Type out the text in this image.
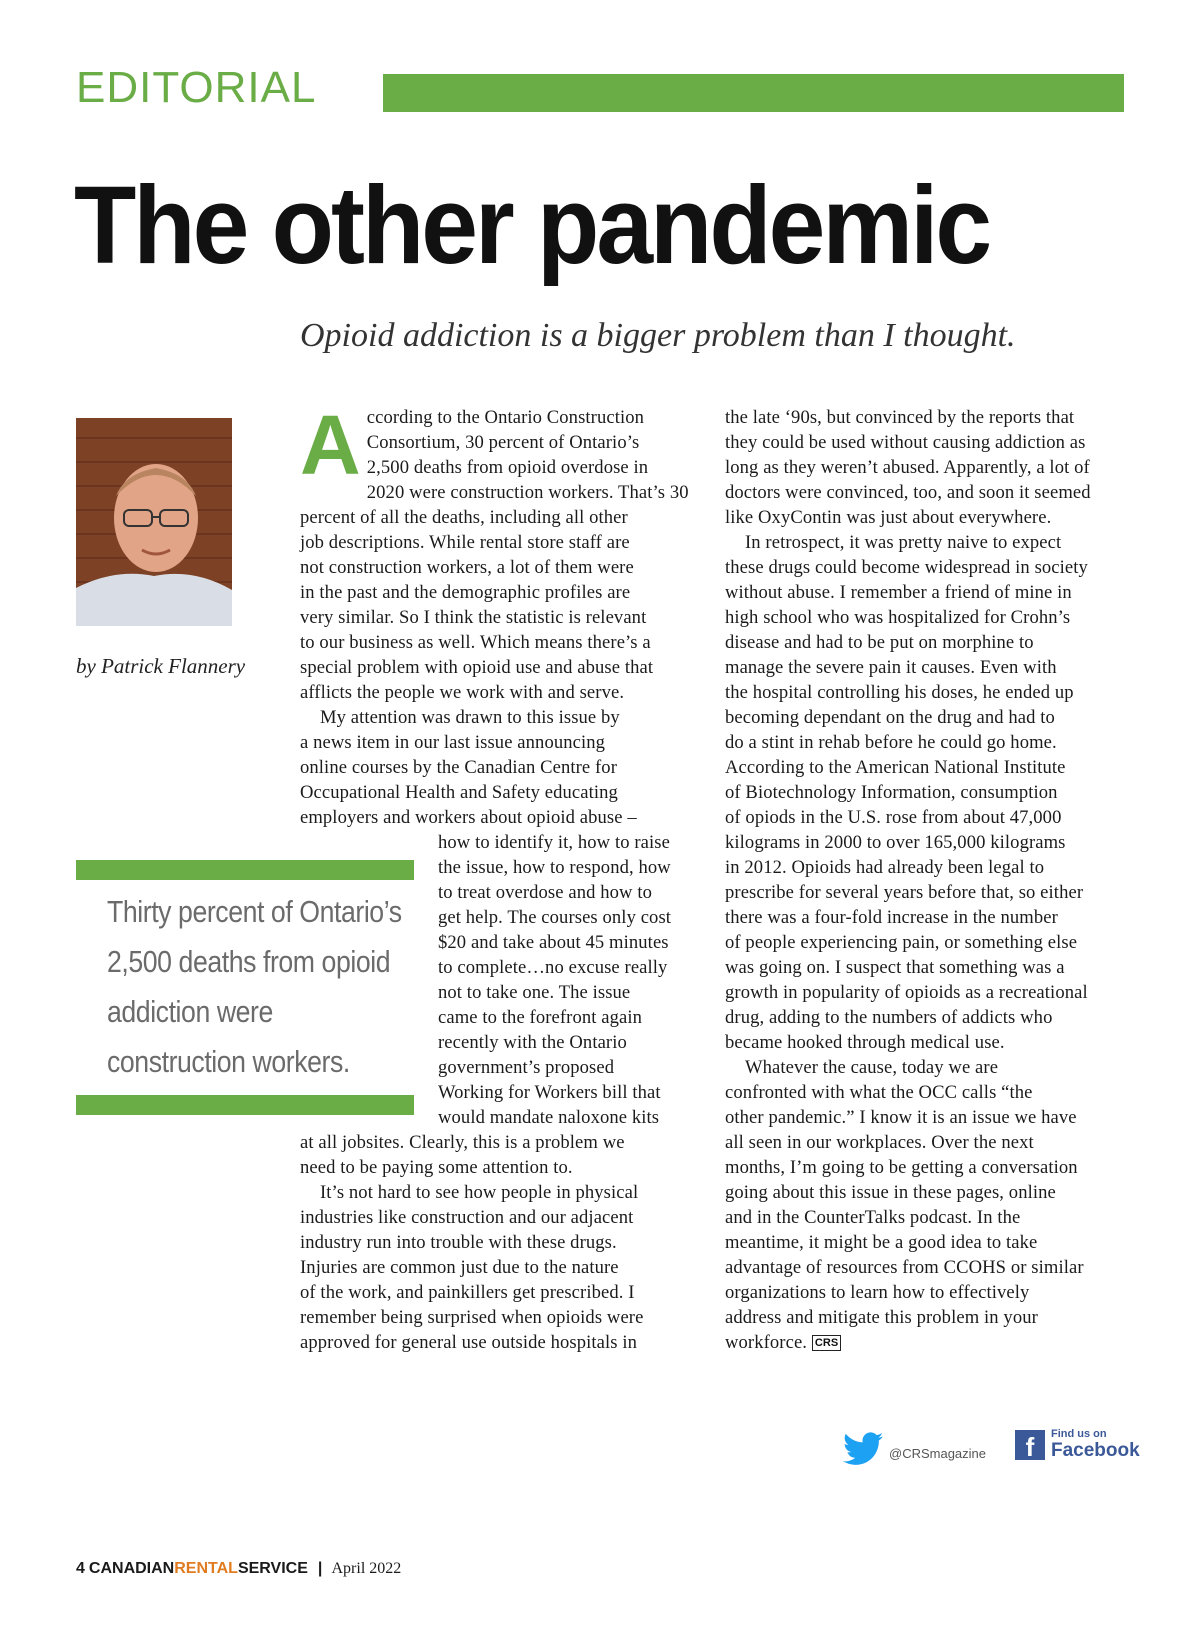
EDITORIAL
The other pandemic
Opioid addiction is a bigger problem than I thought.
by Patrick Flannery
Thirty percent of Ontario’s
2,500 deaths from opioid
addiction were
construction workers.

A ccording to the Ontario Construction
Consortium, 30 percent of Ontario’s
2,500 deaths from opioid overdose in
2020 were construction workers. That’s 30
percent of all the deaths, including all other
job descriptions. While rental store staff are
not construction workers, a lot of them were
in the past and the demographic profiles are
very similar. So I think the statistic is relevant
to our business as well. Which means there’s a
special problem with opioid use and abuse that
afflicts the people we work with and serve.

My attention was drawn to this issue by
a news item in our last issue announcing
online courses by the Canadian Centre for
Occupational Health and Safety educating
employers and workers about opioid abuse –
how to identify it, how to raise
the issue, how to respond, how
to treat overdose and how to
get help. The courses only cost
$20 and take about 45 minutes
to complete…no excuse really
not to take one. The issue
came to the forefront again
recently with the Ontario
government’s proposed
Working for Workers bill that
would mandate naloxone kits
at all jobsites. Clearly, this is a problem we
need to be paying some attention to.

It’s not hard to see how people in physical
industries like construction and our adjacent
industry run into trouble with these drugs.
Injuries are common just due to the nature
of the work, and painkillers get prescribed. I
remember being surprised when opioids were
approved for general use outside hospitals in

the late ‘90s, but convinced by the reports that
they could be used without causing addiction as
long as they weren’t abused. Apparently, a lot of
doctors were convinced, too, and soon it seemed
like OxyContin was just about everywhere.

In retrospect, it was pretty naive to expect
these drugs could become widespread in society
without abuse. I remember a friend of mine in
high school who was hospitalized for Crohn’s
disease and had to be put on morphine to
manage the severe pain it causes. Even with
the hospital controlling his doses, he ended up
becoming dependant on the drug and had to
do a stint in rehab before he could go home.
According to the American National Institute
of Biotechnology Information, consumption
of opiods in the U.S. rose from about 47,000
kilograms in 2000 to over 165,000 kilograms
in 2012. Opioids had already been legal to
prescribe for several years before that, so either
there was a four-fold increase in the number
of people experiencing pain, or something else
was going on. I suspect that something was a
growth in popularity of opioids as a recreational
drug, adding to the numbers of addicts who
became hooked through medical use.

Whatever the cause, today we are
confronted with what the OCC calls “the
other pandemic.” I know it is an issue we have
all seen in our workplaces. Over the next
months, I’m going to be getting a conversation
going about this issue in these pages, online
and in the CounterTalks podcast. In the
meantime, it might be a good idea to take
advantage of resources from CCOHS or similar
organizations to learn how to effectively
address and mitigate this problem in your
workforce. CRS

@CRSmagazine	f	Find us on
Facebook
4 CANADIANRENTALSERVICE | April 2022
